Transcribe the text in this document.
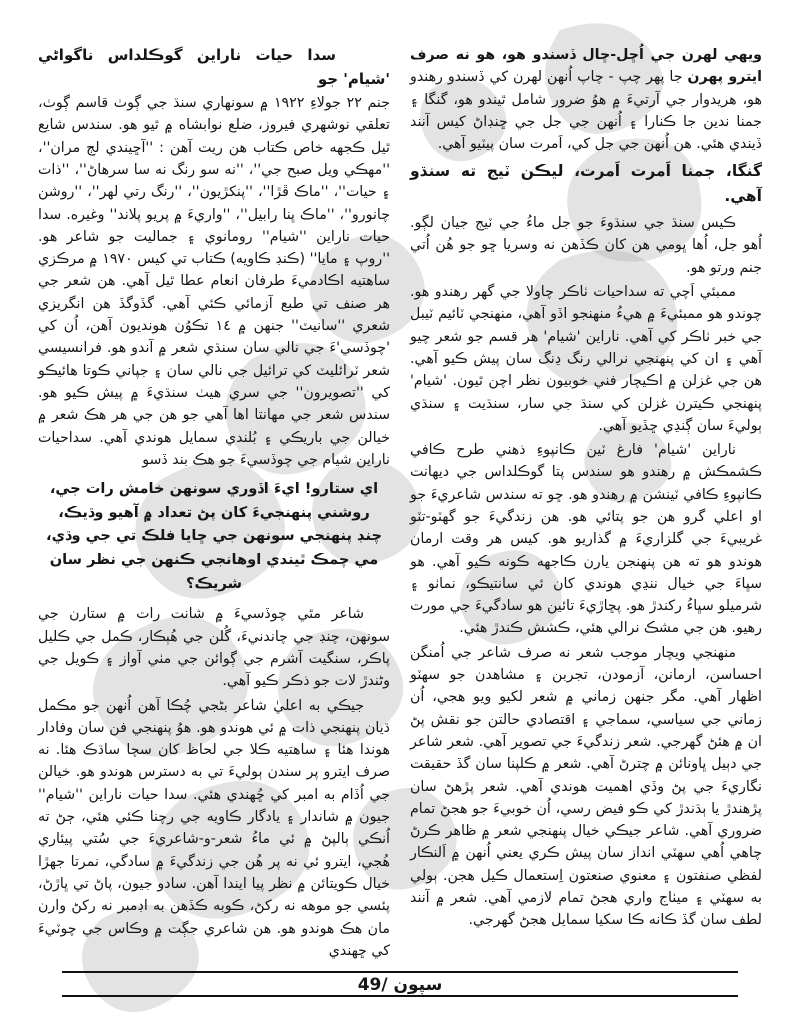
ويهي لهرن جي اُڇل-ڇال ڏسندو هو، هو نه صرف ايترو پهرن جا پهر چپ - چاپ اُنهن لهرن کي ڏسندو رهندو هو، هريدوار جي آرتيءَ ۾ هوُ ضرور شامل ٿيندو هو، گنگا ۽ جمنا ندين جا ڪنارا ۽ اُنهن جي جل جي ڇنڊاڻ کيس آنند ڏيندي هئي. هن اُنهن جي جل کي، اَمرت سان پيٽيو آهي.

گنگا، جمنا اَمرت اَمرت، ليڪن ٽيج ته سنڌو آهي.

ڪيس سنڌ جي سنڌوءَ جو جل ماءُ جي ٽيج جيان لڳو. اُهو جل، اُها ڀومي هن کان ڪڏهن نه وسريا ڇو جو هُن اُتي جنم ورتو هو.

ممبئي اَچي ته سداحيات ٺاڪر چاولا جي گهر رهندو هو. چوندو هو ممبئيءَ ۾ هيءُ منهنجو اڏو آهي، منهنجي ٽائيم ٽيبل جي خبر ٺاڪر کي آهي. ناراين 'شيام' هر قسم جو شعر چيو آهي ۽ ان کي پنهنجي نرالي رنگ ڍنگ سان پيش ڪيو آهي. هن جي غزلن ۾ اڪيچار فني خوبيون نظر اچن ٿيون. 'شيام' پنهنجي ڪيترن غزلن کي سنڌ جي سار، سنڌيت ۽ سنڌي ٻوليءَ سان ڳنڍي ڇڏيو آهي.

ناراين 'شيام' فارغ ٽين ڪانپوءِ ذهني طرح ڪافي ڪشمڪش ۾ رهندو هو سندس پتا گوڪلداس جي ديهانت ڪانپوءِ ڪافي ٽينشن ۾ رهندو هو. ڇو ته سندس شاعريءَ جو او اعلي گرو هن جو پتائي هو. هن زندگيءَ جو گهٽو-تٽو غريبيءَ جي گلزاريءَ ۾ گذاريو هو. کيس هر وقت ارمان هوندو هو ته هن پنهنجن يارن ڪاجهه ڪونه ڪيو آهي. هو سڀاءَ جي خيال ننڍي هوندي کان ئي سانتيڪو، نماٺو ۽ شرميلو سڀاءُ رکندڙ هو. پڇاڙيءَ تائين هو سادگيءَ جي مورت رهيو. هن جي مشڪ نرالي هئي، ڪشش ڪندڙ هئي.

منهنجي ويچار موجب شعر نه صرف شاعر جي اُمنگن احساسن، ارمانن، آزمودن، تجربن ۽ مشاهدن جو سهٽو اظهار آهي. مگر جنهن زماني ۾ شعر لکيو ويو هجي، اُن زماني جي سياسي، سماجي ۽ اقتصادي حالتن جو نقش پڻ ان ۾ هئڻ گهرجي. شعر زندگيءَ جي تصوير آهي. شعر شاعر جي دٻيل ڀاونائن ۾ چترڻ آهي. شعر ۾ ڪلپنا سان گڏ حقيقت نگاريءَ جي پڻ وڏي اهميت هوندي آهي. شعر پڙهڻ سان پڙهندڙ يا ٻڌندڙ کي ڪو فيض رسي، اُن خوبيءَ جو هجڻ تمام ضروري آهي. شاعر جيڪي خيال پنهنجي شعر ۾ ظاهر ڪرڻ چاهي اُهي سهٽي انداز سان پيش ڪري يعني اُنهن ۾ اَلنڪار لفظي صنفتون ۽ معنوي صنعتون اِستعمال ڪيل هجن. ٻولي به سهٽي ۽ ميٺاج واري هجڻ تمام لازمي آهي. شعر ۾ آنند لطف سان گڏ ڪانه ڪا سکيا سمايل هجڻ گهرجي.

سدا حيات ناراين گوڪلداس ناگواڻي 'شيام' جو

جنم ٢٢ جولاءِ ١٩٢٢ ۾ سونهاري سنڌ جي ڳوٺ قاسم ڳوٺ، تعلقي نوشهري فيروز، ضلع نوابشاه ۾ ٿيو هو. سندس شايع ٿيل ڪجهه خاص ڪتاب هن ريت آهن : ''آڇيندي لڄ مران''، ''مهڪي ويل صبح جي''، ''نه سو رنگ نه سا سرهاڻ''، ''ذات ۽ حيات''، ''ماڪ ڦڙا''، ''پنکڙيون''، ''رنگ رتي لهر''، ''روشن چانورو''، ''ماڪ ڀنا رابيل''، ''واريءَ ۾ پريو پلاند'' وغيره. سدا حيات ناراين ''شيام'' رومانوي ۽ جماليت جو شاعر هو. ''روپ ۽ مايا'' (ڪنڊ ڪاويه) ڪتاب تي کيس ١٩٧٠ ۾ مرڪزي ساهتيه اڪادميءَ طرفان انعام عطا ٿيل آهي. هن شعر جي هر صنف تي طبع آزمائي ڪئي آهي. گڏوگڏ هن انگريزي شعري ''سانيٽ'' جنهن ۾ ١٤ تڪوُن هونديون آهن، اُن کي 'چوڏسي'ءَ جي نالي سان سنڌي شعر ۾ آندو هو. فرانسيسي شعر ٽرائليٽ کي ترائيل جي نالي سان ۽ جپاني ڪوتا هائيڪو کي ''تصويرون'' جي سري هيٺ سنڌيءَ ۾ پيش ڪيو هو. سندس شعر جي مهانتا اها آهي جو هن جي هر هڪ شعر ۾ خيالن جي باريڪي ۽ بُلندي سمايل هوندي آهي. سداحيات ناراين شيام جي چوڏسيءَ جو هڪ بند ڏسو

اي ستارو! ايءَ اڏوري سونهن خامش رات جي،
روشني پنهنجيءَ کان پڻ تعداد ۾ آهيو وڌيڪ،
چنڊ پنهنجي سونهن جي ڇايا فلڪ تي جي وڌي،
مي چمڪ ٿيندي اوهانجي ڪنهن جي نظر سان شريڪ؟

شاعر مٿي چوڏسيءَ ۾ شانت رات ۾ ستارن جي سونهن، چنڊ جي چاندنيءَ، گُلن جي هُٻڪار، ڪمل جي ڪليل پاڪر، سنگيت آشرم جي ڳوائن جي مٺي آواز ۽ ڪويل جي وڻندڙ لات جو ذڪر ڪيو آهي.

جيڪي به اعليٰ شاعر بڻجي چُڪا آهن اُنهن جو مڪمل ڌيان پنهنجي ذات ۾ ئي هوندو هو. هوُ پنهنجي فن سان وفادار هوندا هئا ۽ ساهتيه ڪلا جي لحاظ کان سچا ساڌڪ هئا. نه صرف ايترو پر سندن ٻوليءَ تي به دسترس هوندو هو. خيالن جي اُڏام به امبر کي ڇُهندي هئي. سدا حيات ناراين ''شيام'' جيون ۾ شاندار ۽ يادگار ڪاويه جي رچنا ڪئي هئي، ڄڻ ته اُنڪي ٻالپڻ ۾ ئي ماءُ شعر-و-شاعريءَ جي سُتي پيئاري هُجي، ايترو ئي نه پر هُن جي زندگيءَ ۾ سادگي، نمرتا جهڙا خيال ڪويتائن ۾ نظر پيا ايندا آهن. سادو جيون، پاڻ تي ڀاڙڻ، پئسي جو موهه نه رکڻ، ڪوبه ڪڏهن به اڊمبر نه رکڻ وارن مان هڪ هوندو هو. هن شاعري جڳت ۾ وڪاس جي چوٽيءَ کي ڇهندي

سپون /49
